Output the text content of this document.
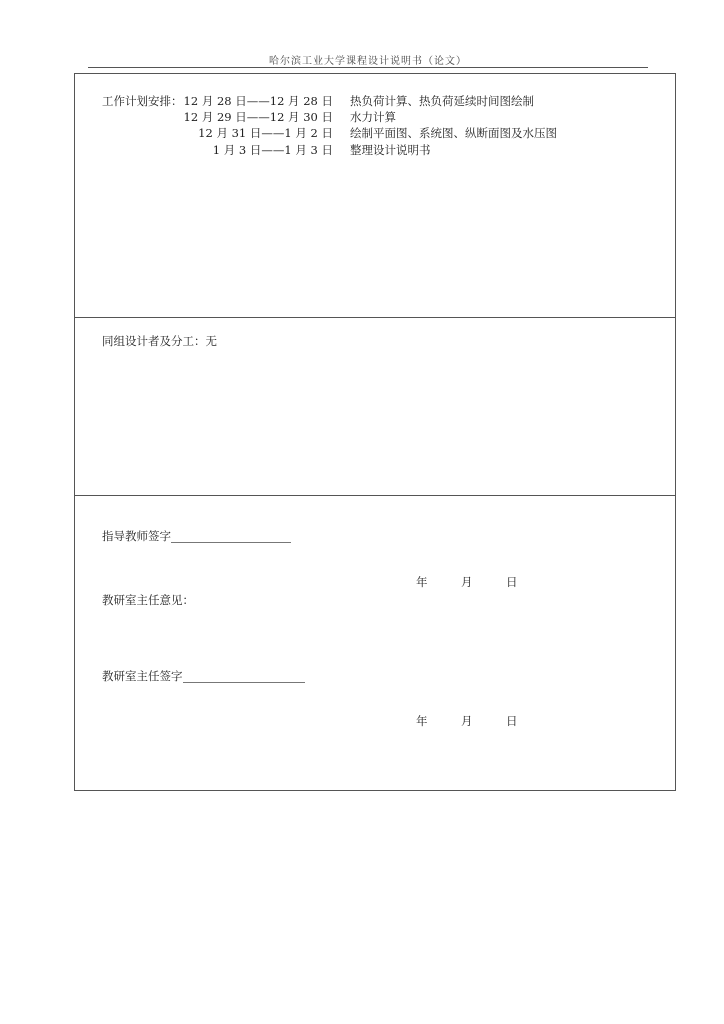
哈尔滨工业大学课程设计说明书（论文）
工作计划安排： 12 月 28 日——12 月 28 日 热负荷计算、热负荷延续时间图绘制
12 月 29 日——12 月 30 日 水力计算
12 月 31 日——1 月 2 日 绘制平面图、系统图、纵断面图及水压图
1 月 3 日——1 月 3 日 整理设计说明书
同组设计者及分工：无
指导教师签字
年	月	日
教研室主任意见：
教研室主任签字
年	月	日
